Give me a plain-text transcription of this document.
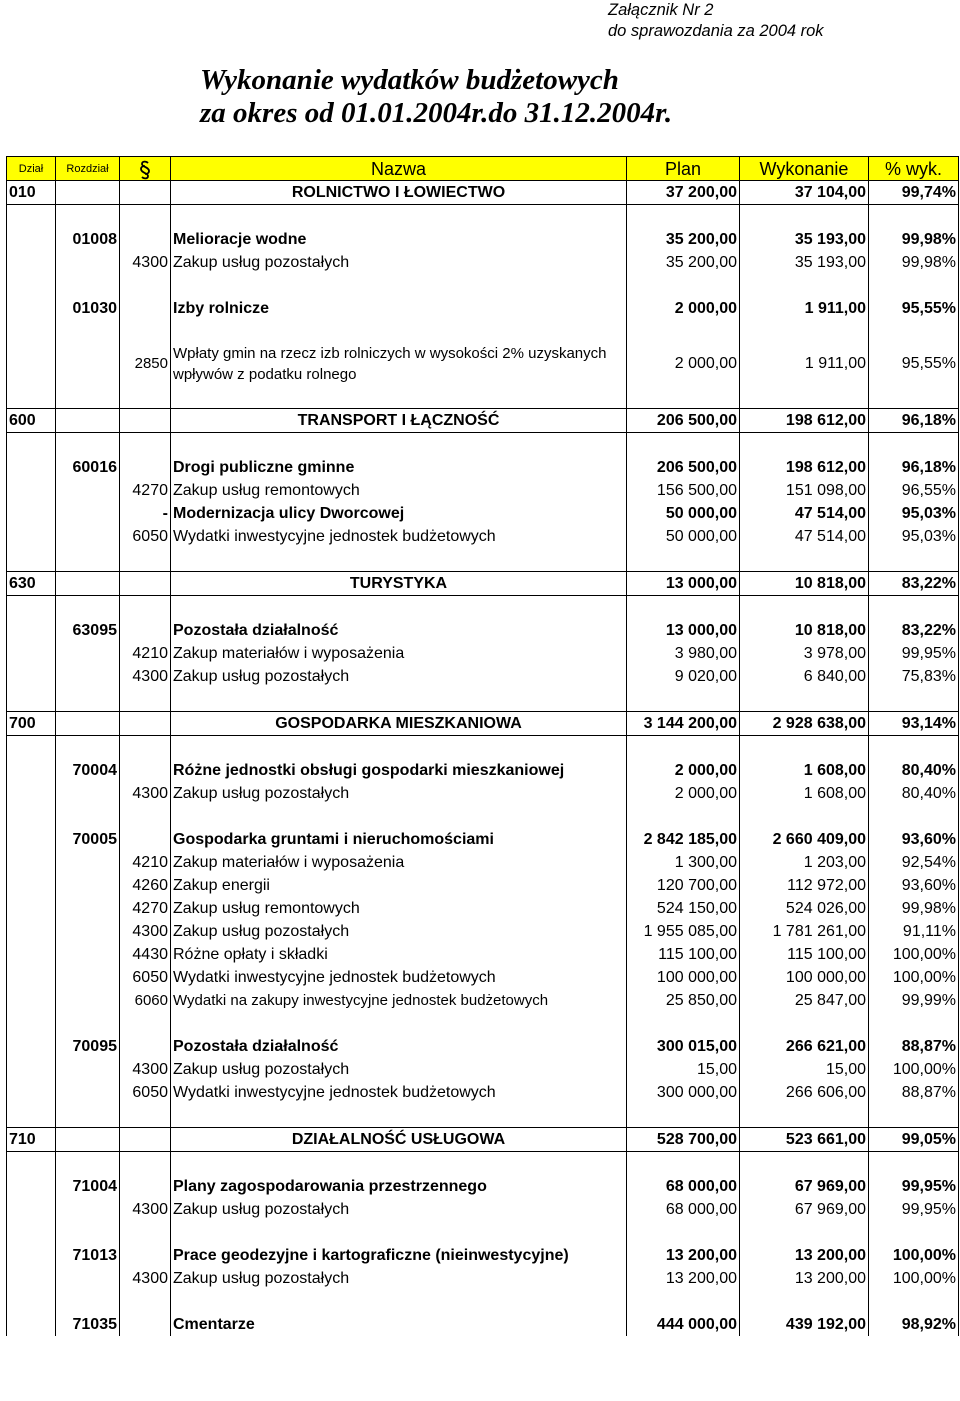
Załącznik Nr 2
do sprawozdania za 2004 rok
Wykonanie wydatków budżetowych
za okres od 01.01.2004r.do 31.12.2004r.
Dział	Rozdział		Nazwa	Plan	Wykonanie	% wyk.
010			ROLNICTWO I ŁOWIECTWO	37 200,00	37 104,00	99,74%

	01008		Melioracje wodne	35 200,00	35 193,00	99,98%
		4300	Zakup usług pozostałych	35 200,00	35 193,00	99,98%

	01030		Izby rolnicze	2 000,00	1 911,00	95,55%

		2850	Wpłaty gmin na rzecz izb rolniczych w wysokości 2% uzyskanych wpływów z podatku rolnego	2 000,00	1 911,00	95,55%

600			TRANSPORT I ŁĄCZNOŚĆ	206 500,00	198 612,00	96,18%

	60016		Drogi publiczne gminne	206 500,00	198 612,00	96,18%
		4270	Zakup usług remontowych	156 500,00	151 098,00	96,55%
		-	Modernizacja ulicy Dworcowej	50 000,00	47 514,00	95,03%
		6050	Wydatki inwestycyjne jednostek budżetowych	50 000,00	47 514,00	95,03%

630			TURYSTYKA	13 000,00	10 818,00	83,22%

	63095		Pozostała działalność	13 000,00	10 818,00	83,22%
		4210	Zakup materiałów i wyposażenia	3 980,00	3 978,00	99,95%
		4300	Zakup usług pozostałych	9 020,00	6 840,00	75,83%

700			GOSPODARKA MIESZKANIOWA	3 144 200,00	2 928 638,00	93,14%

	70004		Różne jednostki obsługi gospodarki mieszkaniowej	2 000,00	1 608,00	80,40%
		4300	Zakup usług pozostałych	2 000,00	1 608,00	80,40%

	70005		Gospodarka gruntami i nieruchomościami	2 842 185,00	2 660 409,00	93,60%
		4210	Zakup materiałów i wyposażenia	1 300,00	1 203,00	92,54%
		4260	Zakup energii	120 700,00	112 972,00	93,60%
		4270	Zakup usług remontowych	524 150,00	524 026,00	99,98%
		4300	Zakup usług pozostałych	1 955 085,00	1 781 261,00	91,11%
		4430	Różne opłaty i składki	115 100,00	115 100,00	100,00%
		6050	Wydatki inwestycyjne jednostek budżetowych	100 000,00	100 000,00	100,00%
		6060	Wydatki na zakupy inwestycyjne jednostek budżetowych	25 850,00	25 847,00	99,99%

	70095		Pozostała działalność	300 015,00	266 621,00	88,87%
		4300	Zakup usług pozostałych	15,00	15,00	100,00%
		6050	Wydatki inwestycyjne jednostek budżetowych	300 000,00	266 606,00	88,87%

710			DZIAŁALNOŚĆ USŁUGOWA	528 700,00	523 661,00	99,05%

	71004		Plany zagospodarowania przestrzennego	68 000,00	67 969,00	99,95%
		4300	Zakup usług pozostałych	68 000,00	67 969,00	99,95%

	71013		Prace geodezyjne i kartograficzne (nieinwestycyjne)	13 200,00	13 200,00	100,00%
		4300	Zakup usług pozostałych	13 200,00	13 200,00	100,00%

	71035		Cmentarze	444 000,00	439 192,00	98,92%
